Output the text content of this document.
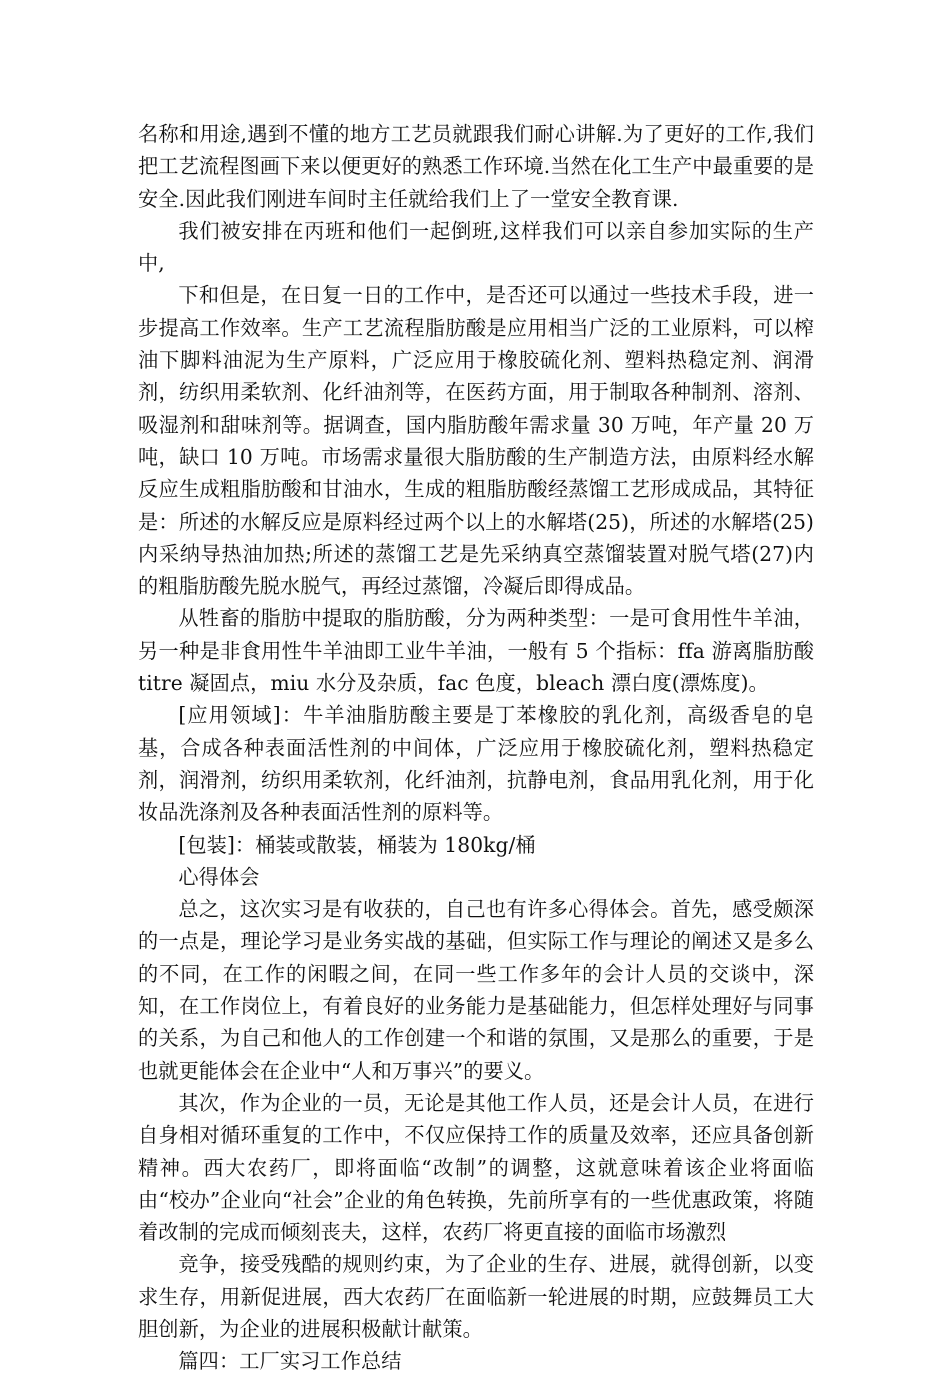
名称和用途,遇到不懂的地方工艺员就跟我们耐心讲解.为了更好的工作,我们把工艺流程图画下来以便更好的熟悉工作环境.当然在化工生产中最重要的是安全.因此我们刚进车间时主任就给我们上了一堂安全教育课.

我们被安排在丙班和他们一起倒班,这样我们可以亲自参加实际的生产中,

下和但是，在日复一日的工作中，是否还可以通过一些技术手段，进一步提高工作效率。生产工艺流程脂肪酸是应用相当广泛的工业原料，可以榨油下脚料油泥为生产原料，广泛应用于橡胶硫化剂、塑料热稳定剂、润滑剂，纺织用柔软剂、化纤油剂等，在医药方面，用于制取各种制剂、溶剂、吸湿剂和甜味剂等。据调查，国内脂肪酸年需求量 30 万吨，年产量 20 万吨，缺口 10 万吨。市场需求量很大脂肪酸的生产制造方法，由原料经水解反应生成粗脂肪酸和甘油水，生成的粗脂肪酸经蒸馏工艺形成成品，其特征是：所述的水解反应是原料经过两个以上的水解塔(25)，所述的水解塔(25)内采纳导热油加热;所述的蒸馏工艺是先采纳真空蒸馏装置对脱气塔(27)内的粗脂肪酸先脱水脱气，再经过蒸馏，冷凝后即得成品。

从牲畜的脂肪中提取的脂肪酸，分为两种类型：一是可食用性牛羊油，另一种是非食用性牛羊油即工业牛羊油，一般有 5 个指标：ffa 游离脂肪酸 titre 凝固点，miu 水分及杂质，fac 色度，bleach 漂白度(漂炼度)。

[应用领域]：牛羊油脂肪酸主要是丁苯橡胶的乳化剂，高级香皂的皂基，合成各种表面活性剂的中间体，广泛应用于橡胶硫化剂，塑料热稳定剂，润滑剂，纺织用柔软剂，化纤油剂，抗静电剂，食品用乳化剂，用于化妆品洗涤剂及各种表面活性剂的原料等。

[包装]：桶装或散装，桶装为 180kg/桶

心得体会

总之，这次实习是有收获的，自己也有许多心得体会。首先，感受颇深的一点是，理论学习是业务实战的基础，但实际工作与理论的阐述又是多么的不同，在工作的闲暇之间，在同一些工作多年的会计人员的交谈中，深知，在工作岗位上，有着良好的业务能力是基础能力，但怎样处理好与同事的关系，为自己和他人的工作创建一个和谐的氛围，又是那么的重要，于是也就更能体会在企业中“人和万事兴”的要义。

其次，作为企业的一员，无论是其他工作人员，还是会计人员，在进行自身相对循环重复的工作中，不仅应保持工作的质量及效率，还应具备创新精神。西大农药厂，即将面临“改制”的调整，这就意味着该企业将面临由“校办”企业向“社会”企业的角色转换，先前所享有的一些优惠政策，将随着改制的完成而倾刻丧夫，这样，农药厂将更直接的面临市场激烈

竞争，接受残酷的规则约束，为了企业的生存、进展，就得创新，以变求生存，用新促进展，西大农药厂在面临新一轮进展的时期，应鼓舞员工大胆创新，为企业的进展积极献计献策。

篇四：工厂实习工作总结
